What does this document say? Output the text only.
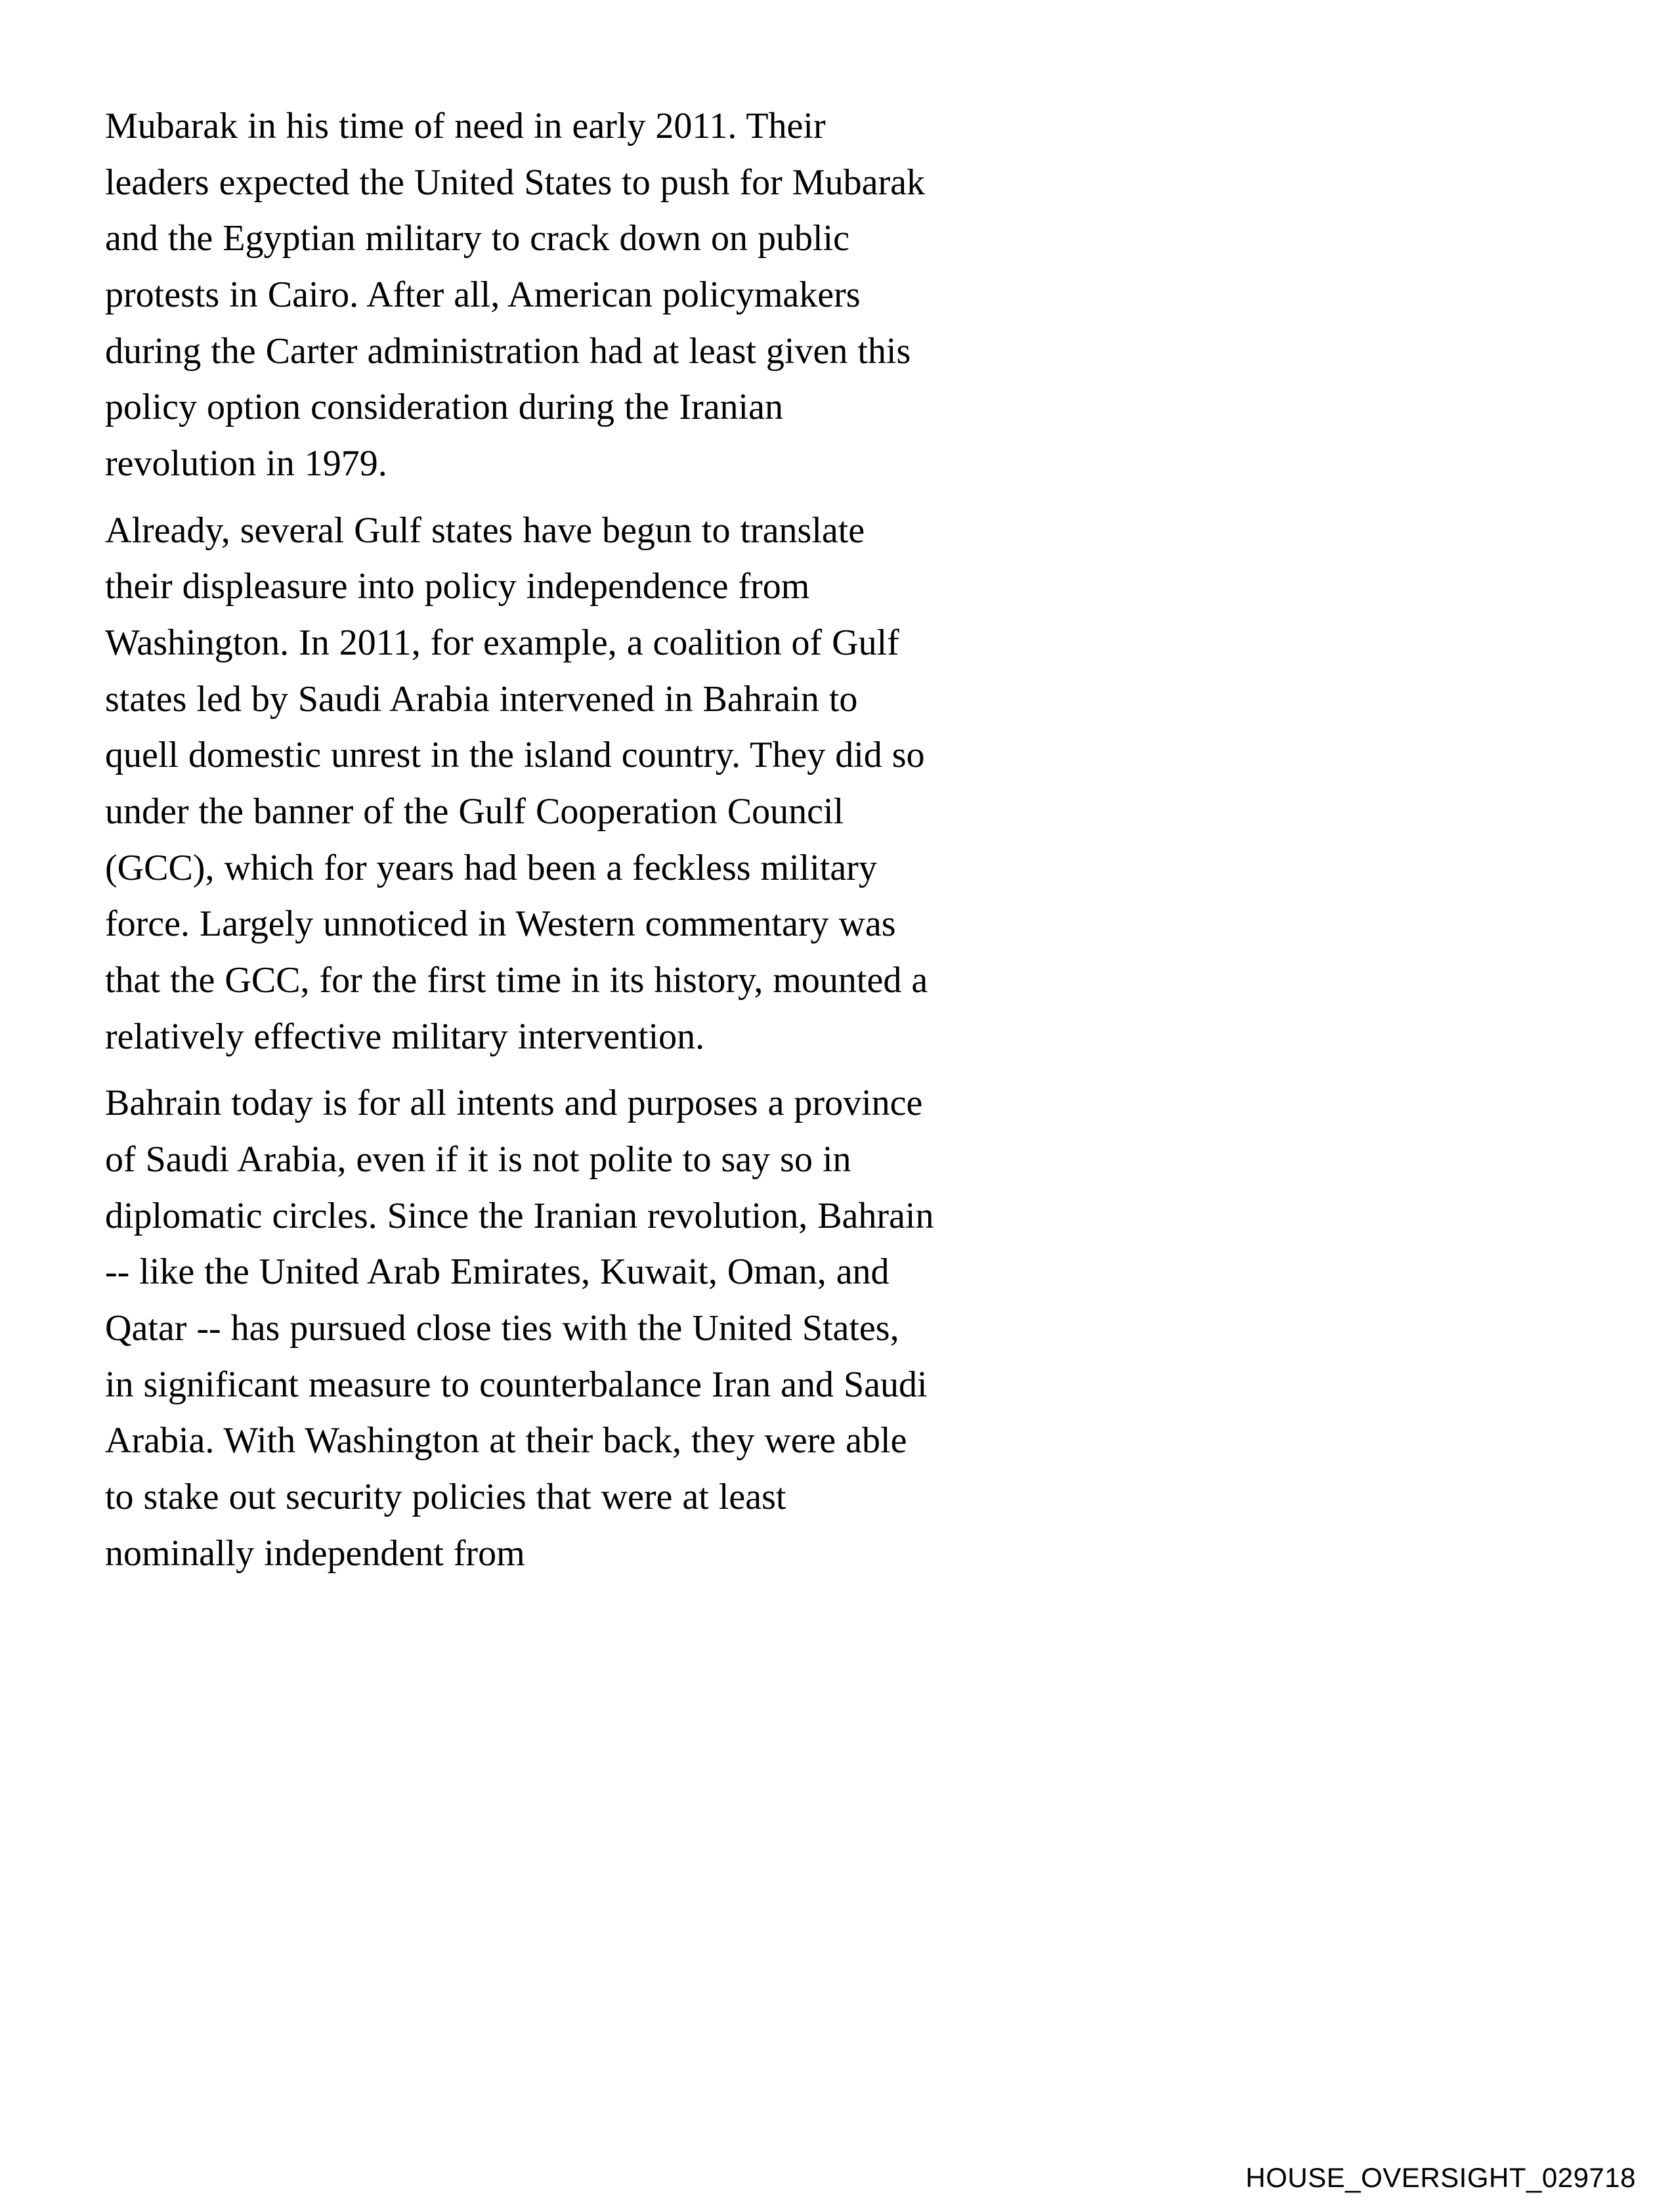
Mubarak in his time of need in early 2011. Their leaders expected the United States to push for Mubarak and the Egyptian military to crack down on public protests in Cairo. After all, American policymakers during the Carter administration had at least given this policy option consideration during the Iranian revolution in 1979.

Already, several Gulf states have begun to translate their displeasure into policy independence from Washington. In 2011, for example, a coalition of Gulf states led by Saudi Arabia intervened in Bahrain to quell domestic unrest in the island country. They did so under the banner of the Gulf Cooperation Council (GCC), which for years had been a feckless military force. Largely unnoticed in Western commentary was that the GCC, for the first time in its history, mounted a relatively effective military intervention.

Bahrain today is for all intents and purposes a province of Saudi Arabia, even if it is not polite to say so in diplomatic circles. Since the Iranian revolution, Bahrain -- like the United Arab Emirates, Kuwait, Oman, and Qatar -- has pursued close ties with the United States, in significant measure to counterbalance Iran and Saudi Arabia. With Washington at their back, they were able to stake out security policies that were at least nominally independent from

HOUSE_OVERSIGHT_029718
